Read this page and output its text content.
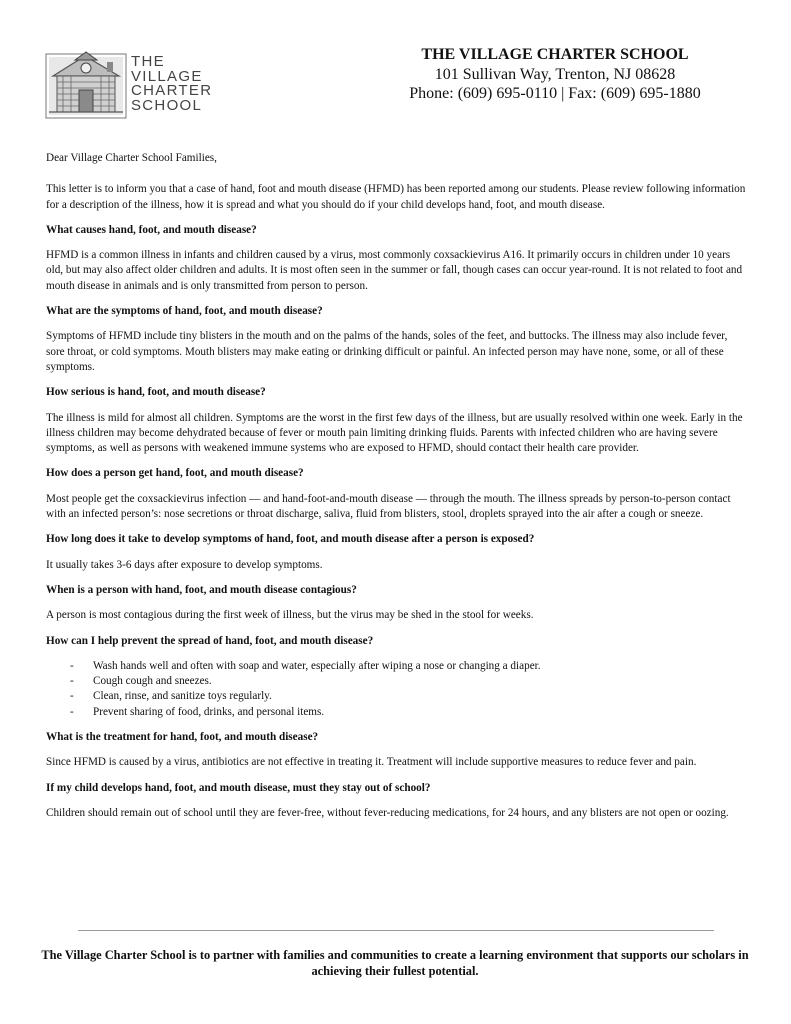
THE
VILLAGE
CHARTER
SCHOOL
THE VILLAGE CHARTER SCHOOL
101 Sullivan Way, Trenton, NJ 08628
Phone: (609) 695-0110 | Fax: (609) 695-1880

Dear Village Charter School Families,

This letter is to inform you that a case of hand, foot and mouth disease (HFMD) has been reported among our students. Please review following information for a description of the illness, how it is spread and what you should do if your child develops hand, foot, and mouth disease.

What causes hand, foot, and mouth disease?

HFMD is a common illness in infants and children caused by a virus, most commonly coxsackievirus A16. It primarily occurs in children under 10 years old, but may also affect older children and adults. It is most often seen in the summer or fall, though cases can occur year-round. It is not related to foot and mouth disease in animals and is only transmitted from person to person.

What are the symptoms of hand, foot, and mouth disease?

Symptoms of HFMD include tiny blisters in the mouth and on the palms of the hands, soles of the feet, and buttocks. The illness may also include fever, sore throat, or cold symptoms. Mouth blisters may make eating or drinking difficult or painful. An infected person may have none, some, or all of these symptoms.

How serious is hand, foot, and mouth disease?

The illness is mild for almost all children. Symptoms are the worst in the first few days of the illness, but are usually resolved within one week. Early in the illness children may become dehydrated because of fever or mouth pain limiting drinking fluids. Parents with infected children who are having severe symptoms, as well as persons with weakened immune systems who are exposed to HFMD, should contact their health care provider.

How does a person get hand, foot, and mouth disease?

Most people get the coxsackievirus infection — and hand-foot-and-mouth disease — through the mouth. The illness spreads by person-to-person contact with an infected person’s: nose secretions or throat discharge, saliva, fluid from blisters, stool, droplets sprayed into the air after a cough or sneeze.

How long does it take to develop symptoms of hand, foot, and mouth disease after a person is exposed?

It usually takes 3-6 days after exposure to develop symptoms.

When is a person with hand, foot, and mouth disease contagious?

A person is most contagious during the first week of illness, but the virus may be shed in the stool for weeks.

How can I help prevent the spread of hand, foot, and mouth disease?
- Wash hands well and often with soap and water, especially after wiping a nose or changing a diaper.
- Cough cough and sneezes.
- Clean, rinse, and sanitize toys regularly.
- Prevent sharing of food, drinks, and personal items.
What is the treatment for hand, foot, and mouth disease?

Since HFMD is caused by a virus, antibiotics are not effective in treating it. Treatment will include supportive measures to reduce fever and pain.

If my child develops hand, foot, and mouth disease, must they stay out of school?

Children should remain out of school until they are fever-free, without fever-reducing medications, for 24 hours, and any blisters are not open or oozing.

The Village Charter School is to partner with families and communities to create a learning environment that supports our scholars in achieving their fullest potential.
